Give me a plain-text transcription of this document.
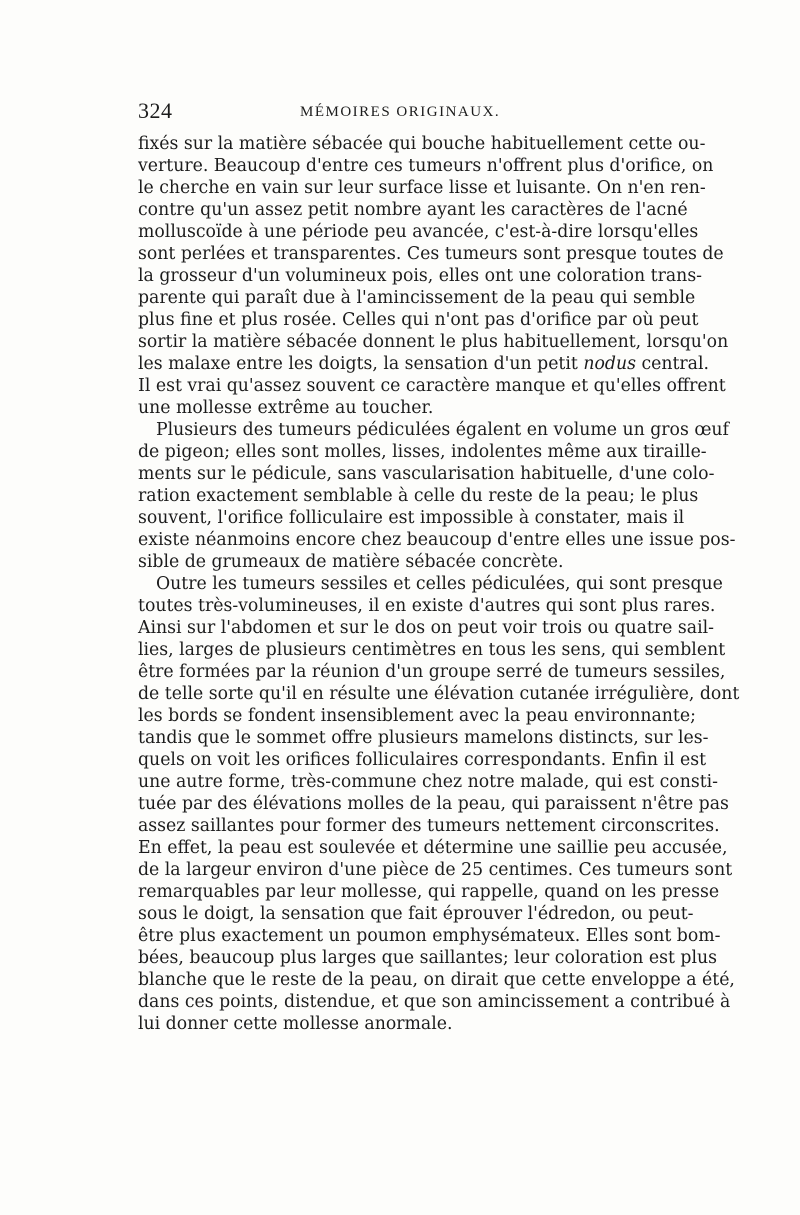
324	MÉMOIRES ORIGINAUX.
fixés sur la matière sébacée qui bouche habituellement cette ou-
verture. Beaucoup d'entre ces tumeurs n'offrent plus d'orifice, on
le cherche en vain sur leur surface lisse et luisante. On n'en ren-
contre qu'un assez petit nombre ayant les caractères de l'acné
molluscoïde à une période peu avancée, c'est-à-dire lorsqu'elles
sont perlées et transparentes. Ces tumeurs sont presque toutes de
la grosseur d'un volumineux pois, elles ont une coloration trans-
parente qui paraît due à l'amincissement de la peau qui semble
plus fine et plus rosée. Celles qui n'ont pas d'orifice par où peut
sortir la matière sébacée donnent le plus habituellement, lorsqu'on
les malaxe entre les doigts, la sensation d'un petit nodus central.
Il est vrai qu'assez souvent ce caractère manque et qu'elles offrent
une mollesse extrême au toucher.
Plusieurs des tumeurs pédiculées égalent en volume un gros œuf
de pigeon; elles sont molles, lisses, indolentes même aux tiraille-
ments sur le pédicule, sans vascularisation habituelle, d'une colo-
ration exactement semblable à celle du reste de la peau; le plus
souvent, l'orifice folliculaire est impossible à constater, mais il
existe néanmoins encore chez beaucoup d'entre elles une issue pos-
sible de grumeaux de matière sébacée concrète.
Outre les tumeurs sessiles et celles pédiculées, qui sont presque
toutes très-volumineuses, il en existe d'autres qui sont plus rares.
Ainsi sur l'abdomen et sur le dos on peut voir trois ou quatre sail-
lies, larges de plusieurs centimètres en tous les sens, qui semblent
être formées par la réunion d'un groupe serré de tumeurs sessiles,
de telle sorte qu'il en résulte une élévation cutanée irrégulière, dont
les bords se fondent insensiblement avec la peau environnante;
tandis que le sommet offre plusieurs mamelons distincts, sur les-
quels on voit les orifices folliculaires correspondants. Enfin il est
une autre forme, très-commune chez notre malade, qui est consti-
tuée par des élévations molles de la peau, qui paraissent n'être pas
assez saillantes pour former des tumeurs nettement circonscrites.
En effet, la peau est soulevée et détermine une saillie peu accusée,
de la largeur environ d'une pièce de 25 centimes. Ces tumeurs sont
remarquables par leur mollesse, qui rappelle, quand on les presse
sous le doigt, la sensation que fait éprouver l'édredon, ou peut-
être plus exactement un poumon emphysémateux. Elles sont bom-
bées, beaucoup plus larges que saillantes; leur coloration est plus
blanche que le reste de la peau, on dirait que cette enveloppe a été,
dans ces points, distendue, et que son amincissement a contribué à
lui donner cette mollesse anormale.
